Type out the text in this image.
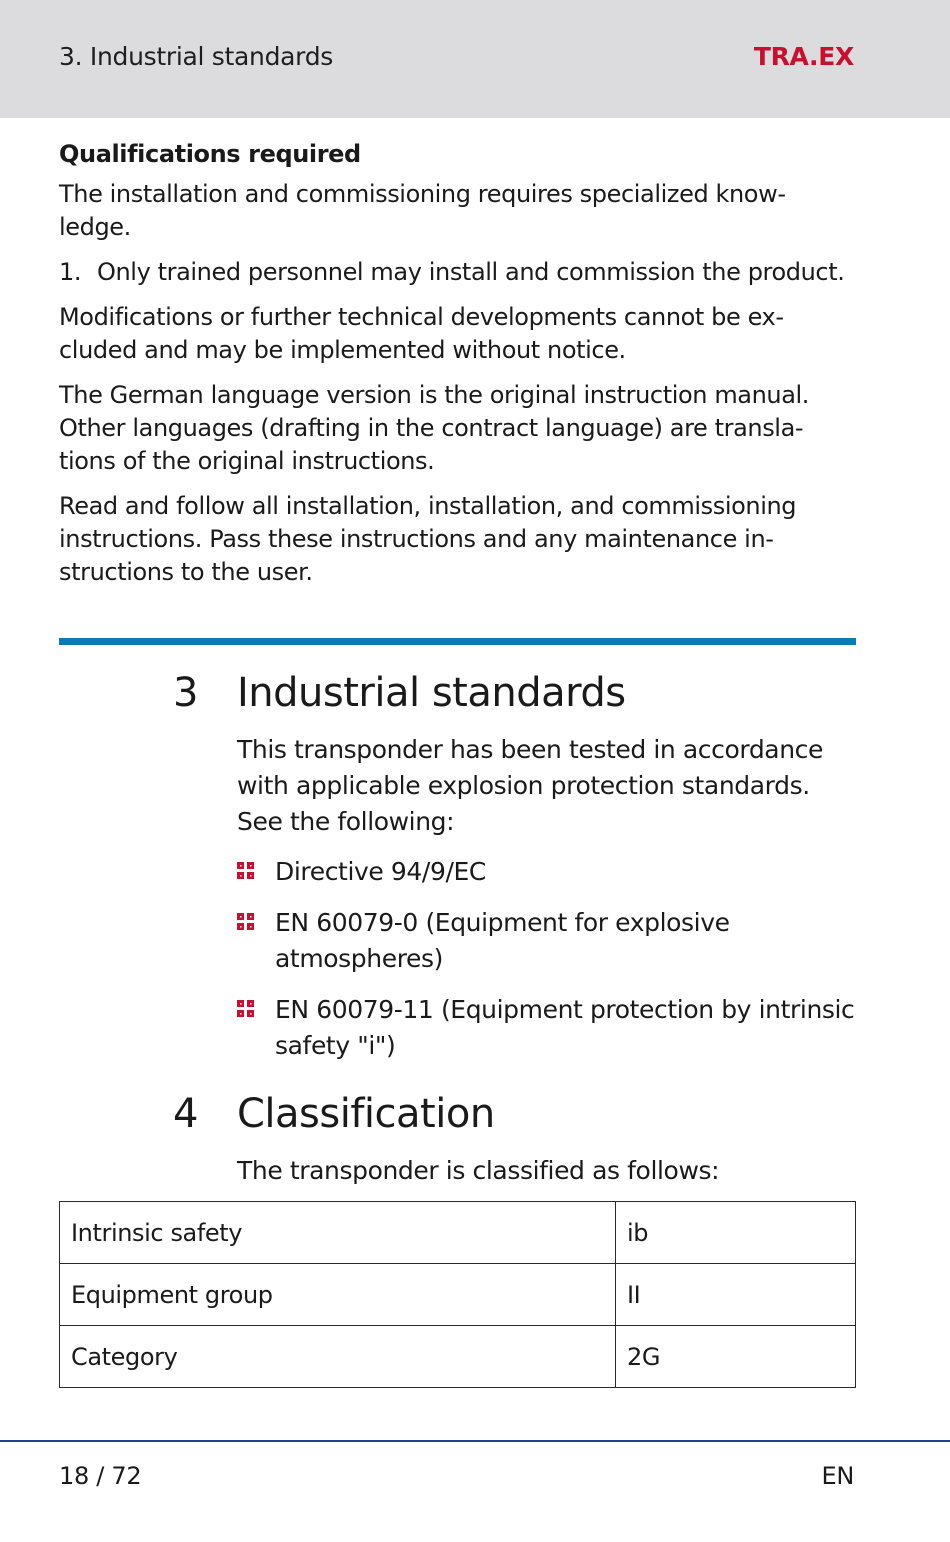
3. Industrial standards	TRA.EX
Qualifications required

The installation and commissioning requires specialized know-ledge.

1. Only trained personnel may install and commission the product.

Modifications or further technical developments cannot be ex-cluded and may be implemented without notice.

The German language version is the original instruction manual. Other languages (drafting in the contract language) are transla-tions of the original instructions.

Read and follow all installation, installation, and commissioning instructions. Pass these instructions and any maintenance in-structions to the user.

3 Industrial standards

This transponder has been tested in accordance with applicable explosion protection standards. See the following:

Directive 94/9/EC
EN 60079-0 (Equipment for explosive atmospheres)
EN 60079-11 (Equipment protection by intrinsic safety "i")
4 Classification

The transponder is classified as follows:

Intrinsic safety	ib
Equipment group	II
Category	2G
18 / 72	EN
